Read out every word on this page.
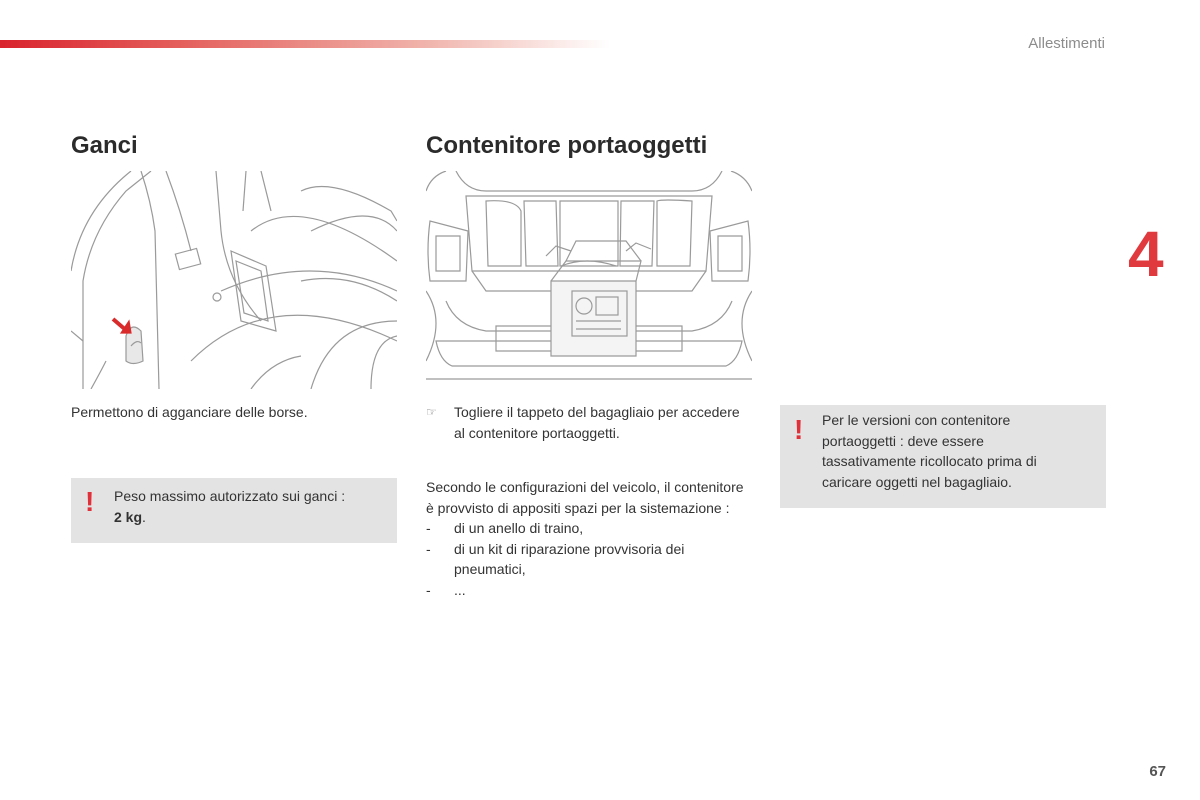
Allestimenti
4
67
Ganci
Permettono di agganciare delle borse.
! Peso massimo autorizzato sui ganci :
2 kg.
Contenitore portaoggetti
☞	Togliere il tappeto del bagagliaio per accedere al contenitore portaoggetti.
Secondo le configurazioni del veicolo, il contenitore è provvisto di appositi spazi per la sistemazione :
-	di un anello di traino,
-	di un kit di riparazione provvisoria dei pneumatici,
-	...
! Per le versioni con contenitore portaoggetti : deve essere tassativamente ricollocato prima di caricare oggetti nel bagagliaio.
